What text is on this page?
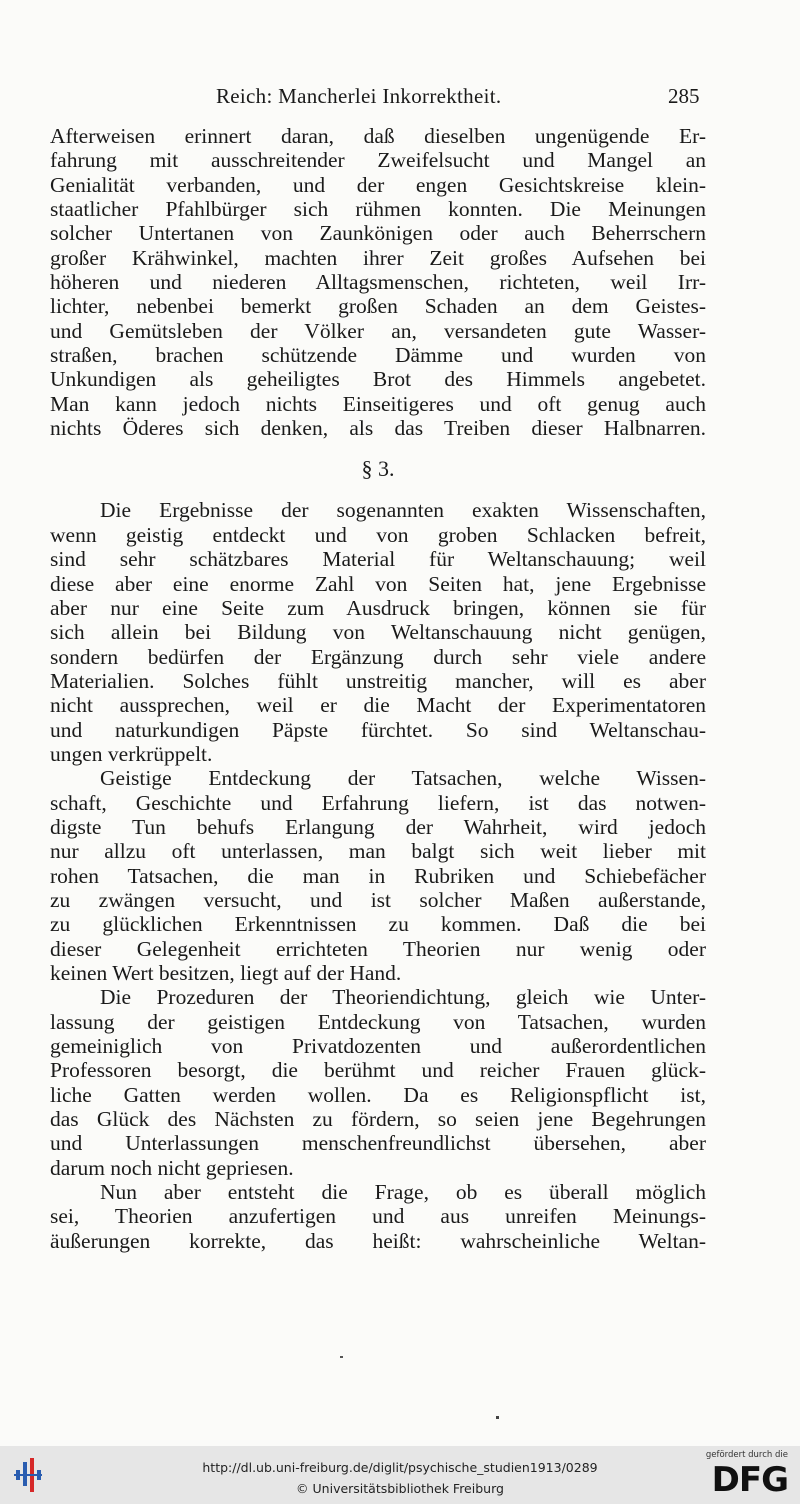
Reich: Mancherlei Inkorrektheit.	285
Afterweisen erinnert daran, daß dieselben ungenügende Er-
fahrung mit ausschreitender Zweifelsucht und Mangel an
Genialität verbanden, und der engen Gesichtskreise klein-
staatlicher Pfahlbürger sich rühmen konnten. Die Meinungen
solcher Untertanen von Zaunkönigen oder auch Beherrschern
großer Krähwinkel, machten ihrer Zeit großes Aufsehen bei
höheren und niederen Alltagsmenschen, richteten, weil Irr-
lichter, nebenbei bemerkt großen Schaden an dem Geistes-
und Gemütsleben der Völker an, versandeten gute Wasser-
straßen, brachen schützende Dämme und wurden von
Unkundigen als geheiligtes Brot des Himmels angebetet.
Man kann jedoch nichts Einseitigeres und oft genug auch
nichts Öderes sich denken, als das Treiben dieser Halbnarren.
§ 3.
Die Ergebnisse der sogenannten exakten Wissenschaften,
wenn geistig entdeckt und von groben Schlacken befreit,
sind sehr schätzbares Material für Weltanschauung; weil
diese aber eine enorme Zahl von Seiten hat, jene Ergebnisse
aber nur eine Seite zum Ausdruck bringen, können sie für
sich allein bei Bildung von Weltanschauung nicht genügen,
sondern bedürfen der Ergänzung durch sehr viele andere
Materialien. Solches fühlt unstreitig mancher, will es aber
nicht aussprechen, weil er die Macht der Experimentatoren
und naturkundigen Päpste fürchtet. So sind Weltanschau-
ungen verkrüppelt.
Geistige Entdeckung der Tatsachen, welche Wissen-
schaft, Geschichte und Erfahrung liefern, ist das notwen-
digste Tun behufs Erlangung der Wahrheit, wird jedoch
nur allzu oft unterlassen, man balgt sich weit lieber mit
rohen Tatsachen, die man in Rubriken und Schiebefächer
zu zwängen versucht, und ist solcher Maßen außerstande,
zu glücklichen Erkenntnissen zu kommen. Daß die bei
dieser Gelegenheit errichteten Theorien nur wenig oder
keinen Wert besitzen, liegt auf der Hand.
Die Prozeduren der Theoriendichtung, gleich wie Unter-
lassung der geistigen Entdeckung von Tatsachen, wurden
gemeiniglich von Privatdozenten und außerordentlichen
Professoren besorgt, die berühmt und reicher Frauen glück-
liche Gatten werden wollen. Da es Religionspflicht ist,
das Glück des Nächsten zu fördern, so seien jene Begehrungen
und Unterlassungen menschenfreundlichst übersehen, aber
darum noch nicht gepriesen.
Nun aber entsteht die Frage, ob es überall möglich
sei, Theorien anzufertigen und aus unreifen Meinungs-
äußerungen korrekte, das heißt: wahrscheinliche Weltan-
http://dl.ub.uni-freiburg.de/diglit/psychische_studien1913/0289
© Universitätsbibliothek Freiburg
gefördert durch die
DFG
